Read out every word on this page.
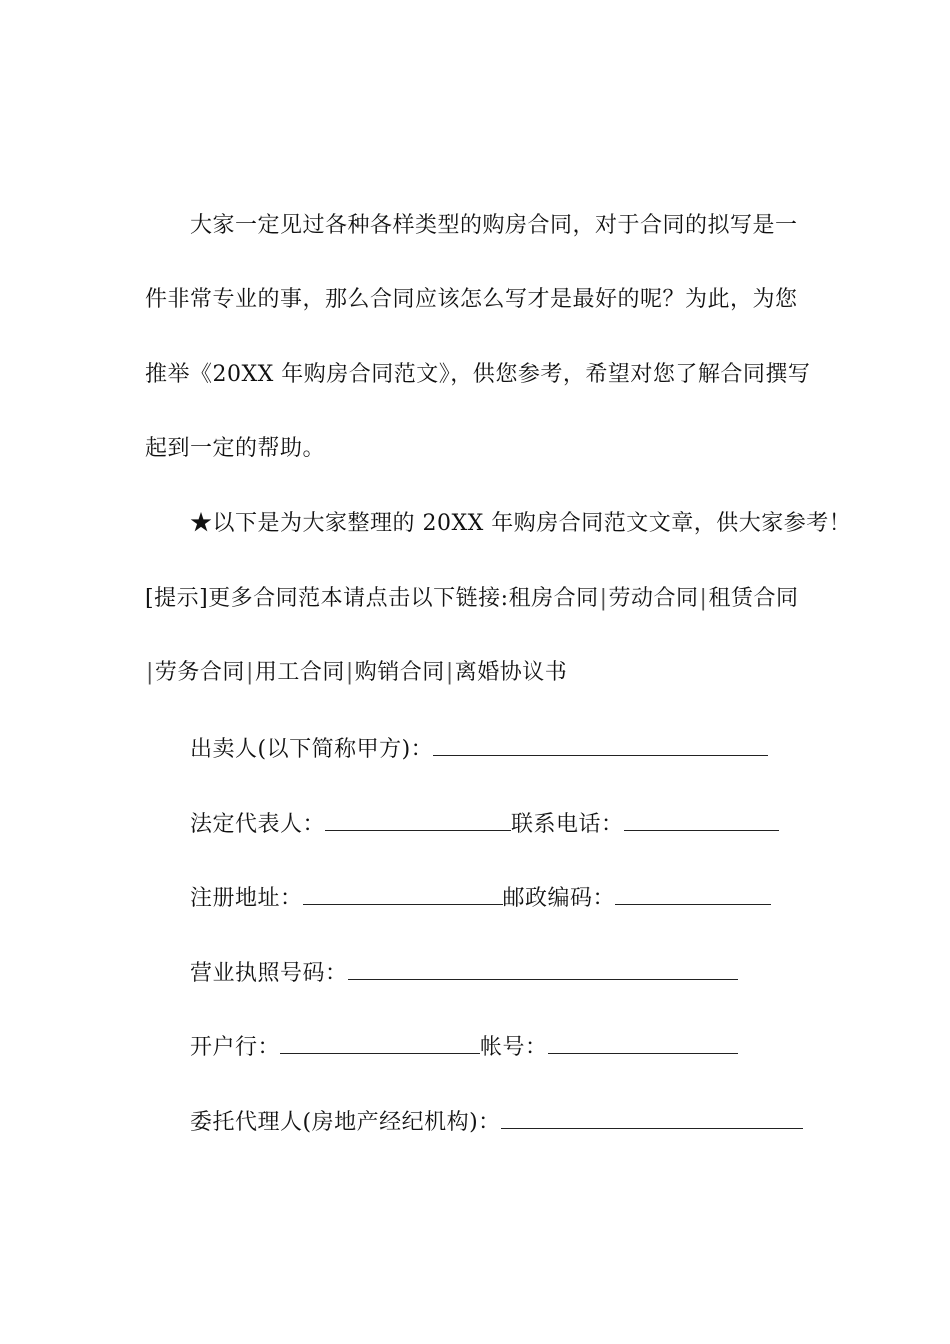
大家一定见过各种各样类型的购房合同，对于合同的拟写是一
件非常专业的事，那么合同应该怎么写才是最好的呢？为此，为您
推举《20XX 年购房合同范文》，供您参考，希望对您了解合同撰写
起到一定的帮助。
★以下是为大家整理的 20XX 年购房合同范文文章，供大家参考！
[提示]更多合同范本请点击以下链接:租房合同|劳动合同|租赁合同
|劳务合同|用工合同|购销合同|离婚协议书
出卖人(以下简称甲方)：
法定代表人：	联系电话：
注册地址：	邮政编码：
营业执照号码：
开户行：	帐号：
委托代理人(房地产经纪机构)：
